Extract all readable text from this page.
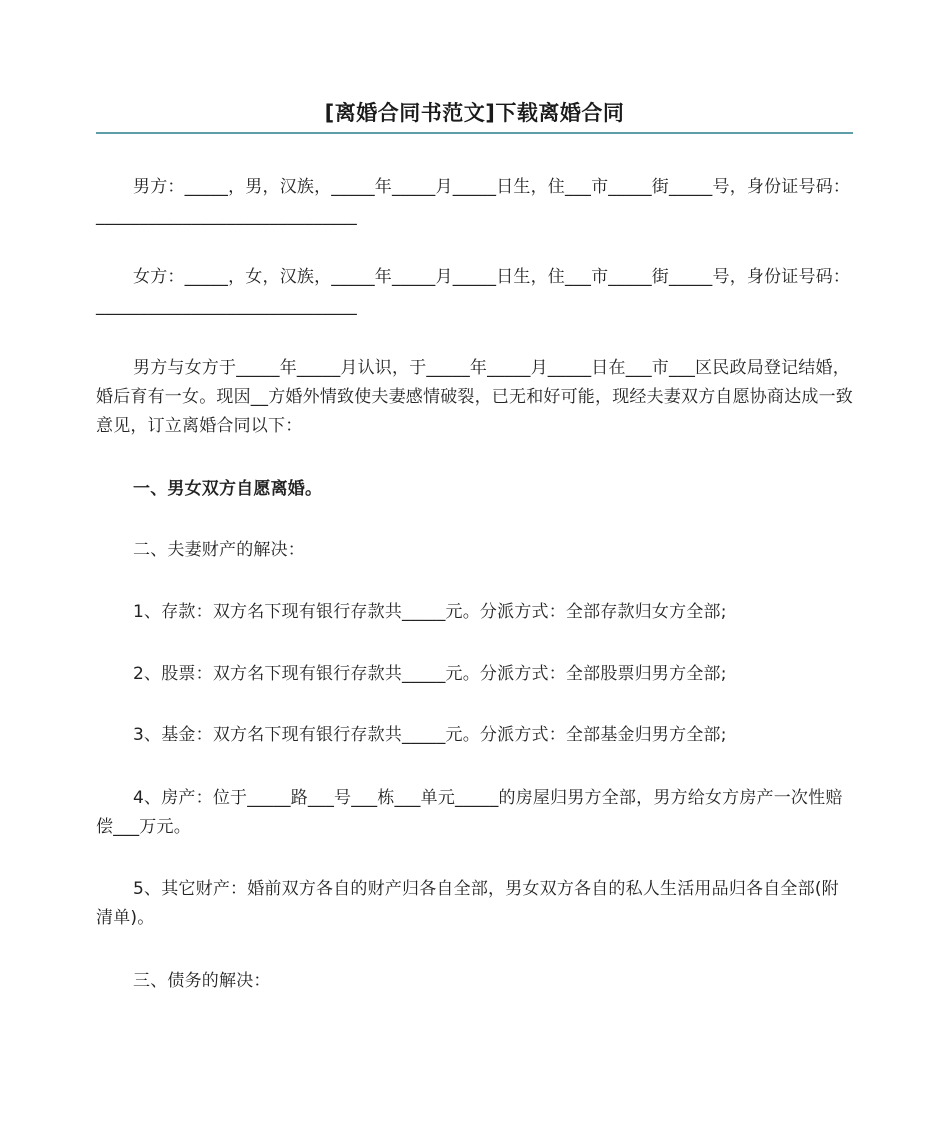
[离婚合同书范文]下载离婚合同

男方：_____，男，汉族，_____年_____月_____日生，住___市_____街_____号，身份证号码：______________________________

女方：_____，女，汉族，_____年_____月_____日生，住___市_____街_____号，身份证号码：______________________________

男方与女方于_____年_____月认识，于_____年_____月_____日在___市___区民政局登记结婚，婚后育有一女。现因__方婚外情致使夫妻感情破裂，已无和好可能，现经夫妻双方自愿协商达成一致意见，订立离婚合同以下：

一、男女双方自愿离婚。

二、夫妻财产的解决：

1、存款：双方名下现有银行存款共_____元。分派方式：全部存款归女方全部;

2、股票：双方名下现有银行存款共_____元。分派方式：全部股票归男方全部;

3、基金：双方名下现有银行存款共_____元。分派方式：全部基金归男方全部;

4、房产：位于_____路___号___栋___单元_____的房屋归男方全部，男方给女方房产一次性赔偿___万元。

5、其它财产：婚前双方各自的财产归各自全部，男女双方各自的私人生活用品归各自全部(附清单)。

三、债务的解决：
